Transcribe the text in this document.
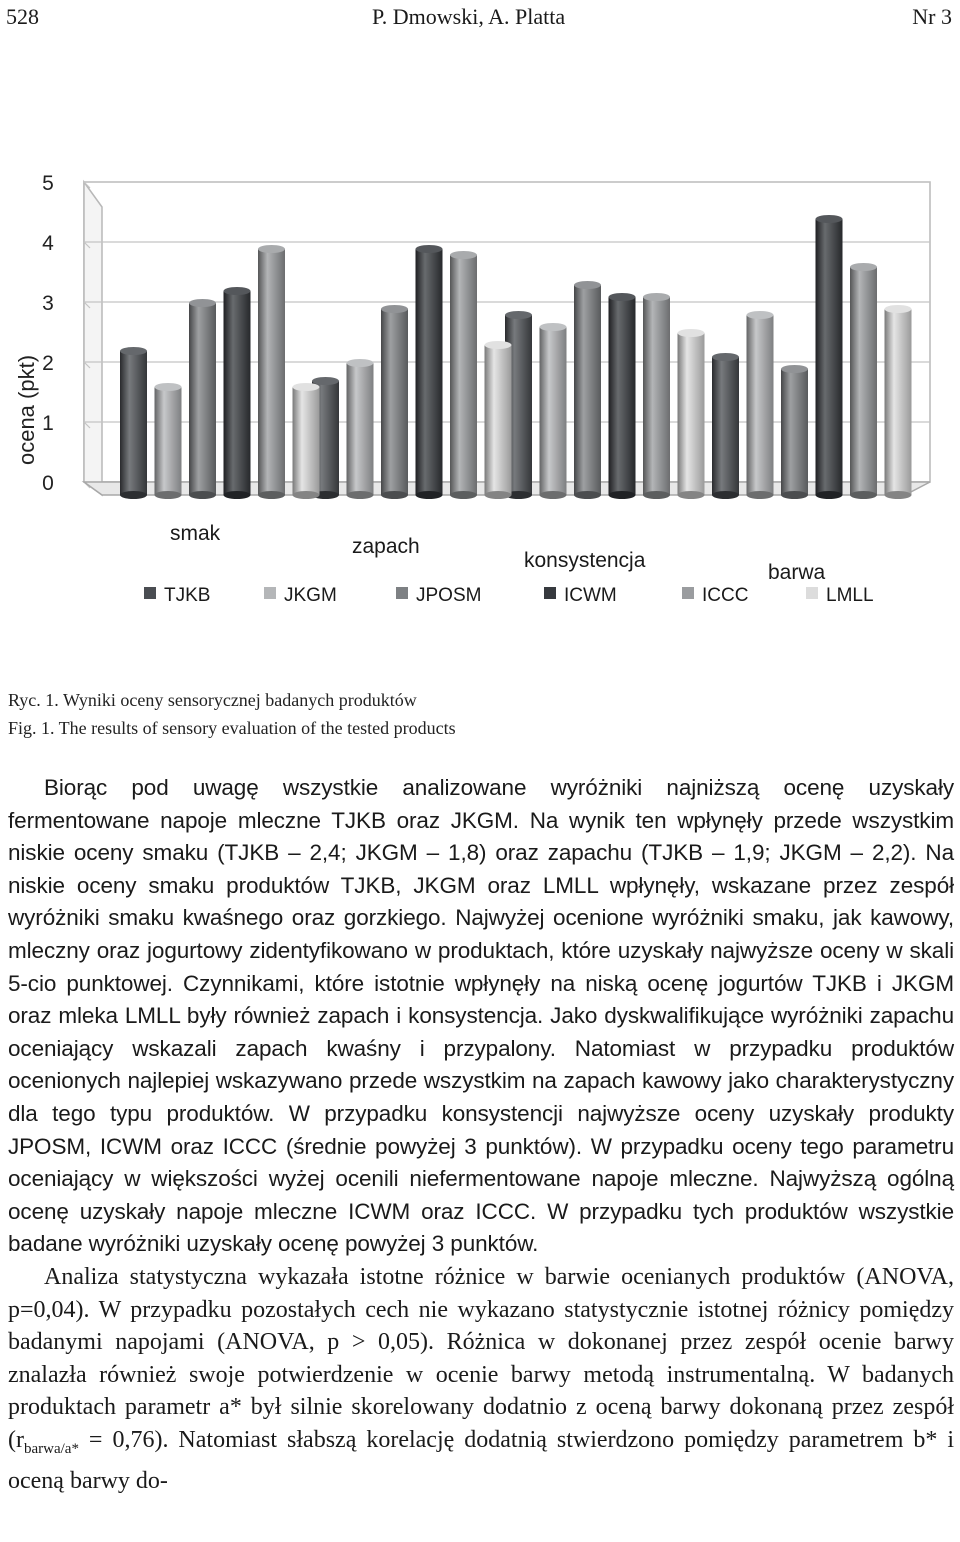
528	P. Dmowski, A. Platta	Nr 3
0
1
2
3
4
5
ocena (pkt)
smak
zapach
konsystencja
barwa
TJKB	JKGM	JPOSM	ICWM	ICCC	LMLL
Ryc. 1. Wyniki oceny sensorycznej badanych produktów
Fig. 1. The results of sensory evaluation of the tested products

Biorąc pod uwagę wszystkie analizowane wyróżniki najniższą ocenę uzyskały fermentowane napoje mleczne TJKB oraz JKGM. Na wynik ten wpłynęły przede wszystkim niskie oceny smaku (TJKB – 2,4; JKGM – 1,8) oraz zapachu (TJKB – 1,9; JKGM – 2,2). Na niskie oceny smaku produktów TJKB, JKGM oraz LMLL wpłynęły, wskazane przez zespół wyróżniki smaku kwaśnego oraz gorzkiego. Najwyżej ocenione wyróżniki smaku, jak kawowy, mleczny oraz jogurtowy zidentyfikowano w produktach, które uzyskały najwyższe oceny w skali 5-cio punktowej. Czynnikami, które istotnie wpłynęły na niską ocenę jogurtów TJKB i JKGM oraz mleka LMLL były również zapach i konsystencja. Jako dyskwalifikujące wyróżniki zapachu oceniający wskazali zapach kwaśny i przypalony. Natomiast w przypadku produktów ocenionych najlepiej wskazywano przede wszystkim na zapach kawowy jako charakterystyczny dla tego typu produktów. W przypadku konsystencji najwyższe oceny uzyskały produkty JPOSM, ICWM oraz ICCC (średnie powyżej 3 punktów). W przypadku oceny tego parametru oceniający w większości wyżej ocenili niefermentowane napoje mleczne. Najwyższą ogólną ocenę uzyskały napoje mleczne ICWM oraz ICCC. W przypadku tych produktów wszystkie badane wyróżniki uzyskały ocenę powyżej 3 punktów.

Analiza statystyczna wykazała istotne różnice w barwie ocenianych produktów (ANOVA, p=0,04). W przypadku pozostałych cech nie wykazano statystycznie istotnej różnicy pomiędzy badanymi napojami (ANOVA, p > 0,05). Różnica w dokonanej przez zespół ocenie barwy znalazła również swoje potwierdzenie w ocenie barwy metodą instrumentalną. W badanych produktach parametr a* był silnie skorelowany dodatnio z oceną barwy dokonaną przez zespół $(r_{barwa/a*} = 0,76)$. Natomiast słabszą korelację dodatnią stwierdzono pomiędzy parametrem b* i oceną barwy do-
